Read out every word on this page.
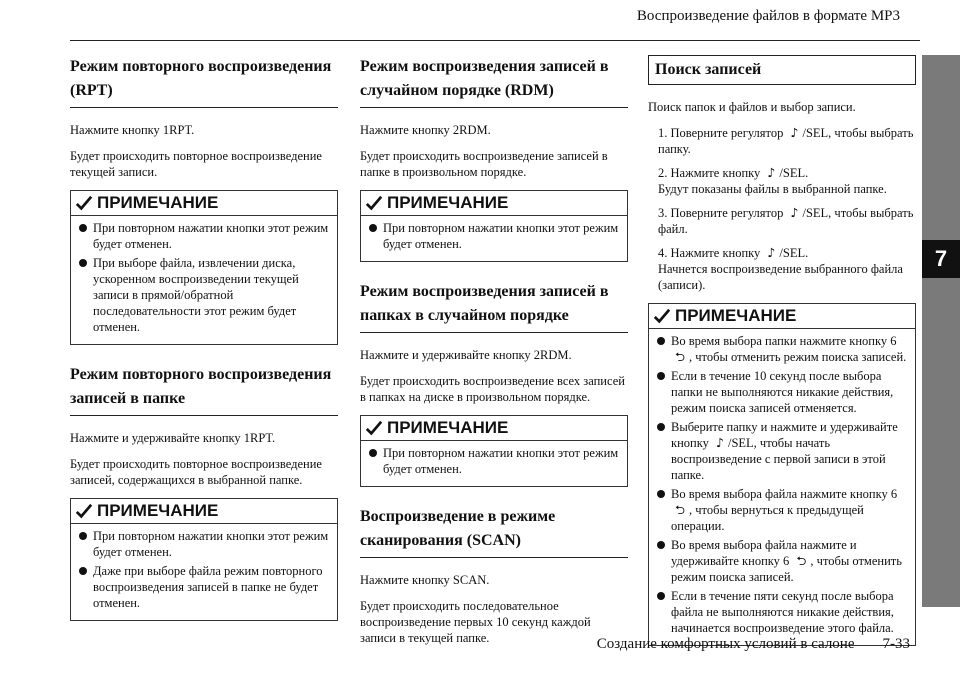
Воспроизведение файлов в формате MP3
7
Режим повторного воспроизведения (RPT)

Нажмите кнопку 1RPT.

Будет происходить повторное воспроизведение текущей записи.

ПРИМЕЧАНИЕ
При повторном нажатии кнопки этот режим будет отменен.
При выборе файла, извлечении диска, ускоренном воспроизведении текущей записи в прямой/обратной последовательности этот режим будет отменен.
Режим повторного воспроизведения записей в папке

Нажмите и удерживайте кнопку 1RPT.

Будет происходить повторное воспроизведение записей, содержащихся в выбранной папке.

ПРИМЕЧАНИЕ
При повторном нажатии кнопки этот режим будет отменен.
Даже при выборе файла режим повторного воспроизведения записей в папке не будет отменен.
Режим воспроизведения записей в случайном порядке (RDM)

Нажмите кнопку 2RDM.

Будет происходить воспроизведение записей в папке в произвольном порядке.

ПРИМЕЧАНИЕ
При повторном нажатии кнопки этот режим будет отменен.
Режим воспроизведения записей в папках в случайном порядке

Нажмите и удерживайте кнопку 2RDM.

Будет происходить воспроизведение всех записей в папках на диске в произвольном порядке.

ПРИМЕЧАНИЕ
При повторном нажатии кнопки этот режим будет отменен.
Воспроизведение в режиме сканирования (SCAN)

Нажмите кнопку SCAN.

Будет происходить последовательное воспроизведение первых 10 секунд каждой записи в текущей папке.

Поиск записей

Поиск папок и файлов и выбор записи.

1. Поверните регулятор ♪ /SEL, чтобы выбрать папку.
2. Нажмите кнопку ♪ /SEL.
Будут показаны файлы в выбранной папке.
3. Поверните регулятор ♪ /SEL, чтобы выбрать файл.
4. Нажмите кнопку ♪ /SEL.
Начнется воспроизведение выбранного файла (записи).
ПРИМЕЧАНИЕ
Во время выбора папки нажмите кнопку 6 ⮌ , чтобы отменить режим поиска записей.
Если в течение 10 секунд после выбора папки не выполняются никакие действия, режим поиска записей отменяется.
Выберите папку и нажмите и удерживайте кнопку ♪ /SEL, чтобы начать воспроизведение с первой записи в этой папке.
Во время выбора файла нажмите кнопку 6 ⮌ , чтобы вернуться к предыдущей операции.
Во время выбора файла нажмите и удерживайте кнопку 6 ⮌ , чтобы отменить режим поиска записей.
Если в течение пяти секунд после выбора файла не выполняются никакие действия, начинается воспроизведение этого файла.
Создание комфортных условий в салоне 7-33
